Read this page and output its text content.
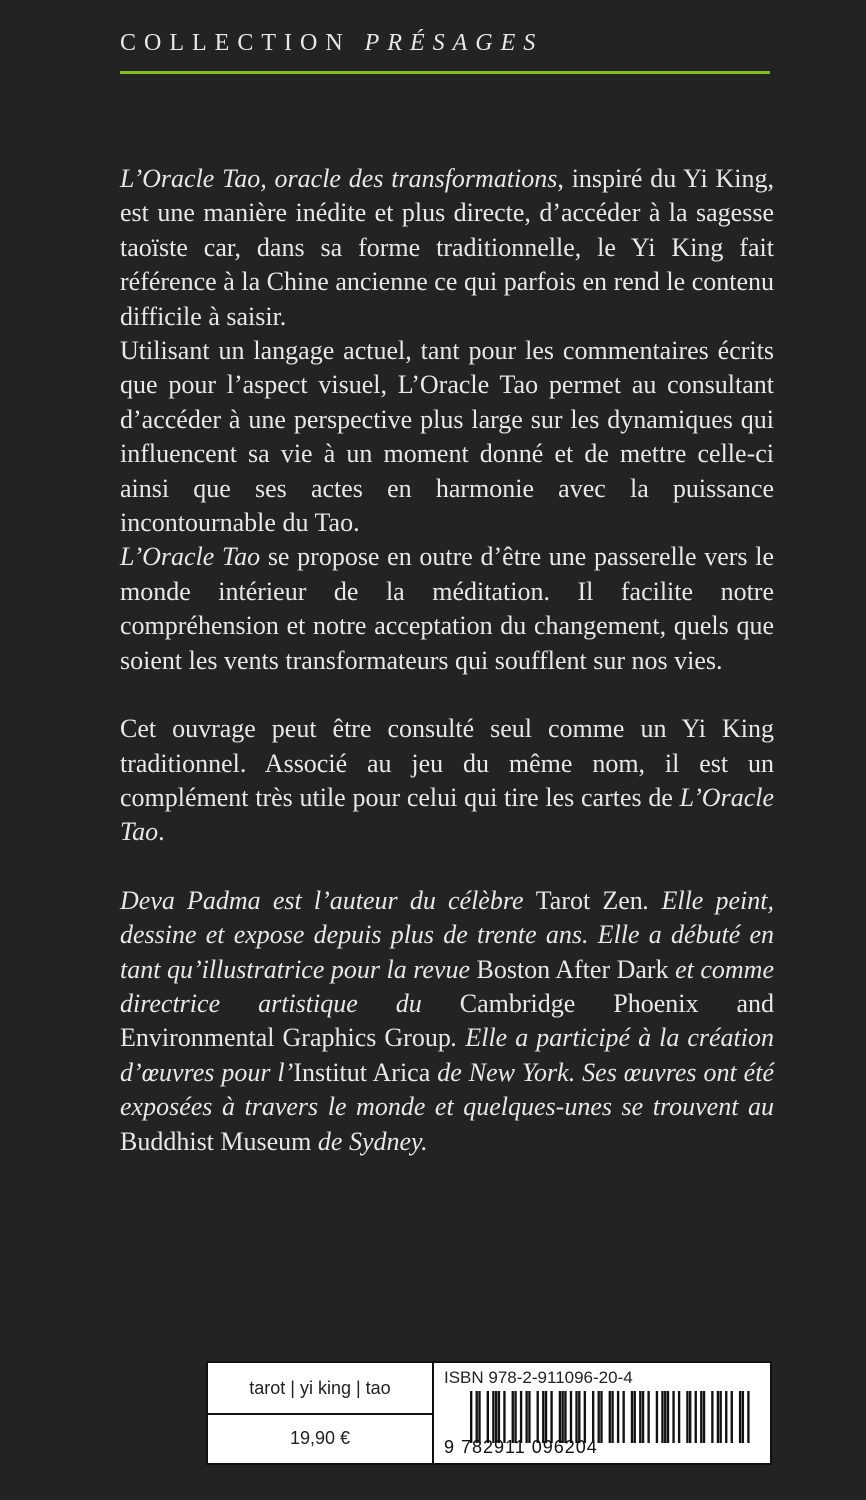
COLLECTION PRÉSAGES

L’Oracle Tao, oracle des transformations, inspiré du Yi King, est une manière inédite et plus directe, d’accéder à la sagesse taoïste car, dans sa forme traditionnelle, le Yi King fait référence à la Chine ancienne ce qui parfois en rend le contenu difficile à saisir.

Utilisant un langage actuel, tant pour les commentaires écrits que pour l’aspect visuel, L’Oracle Tao permet au consultant d’accéder à une perspective plus large sur les dynamiques qui influencent sa vie à un moment donné et de mettre celle-ci ainsi que ses actes en harmonie avec la puissance incontournable du Tao.

L’Oracle Tao se propose en outre d’être une passerelle vers le monde intérieur de la méditation. Il facilite notre compréhension et notre acceptation du changement, quels que soient les vents transformateurs qui soufflent sur nos vies.

Cet ouvrage peut être consulté seul comme un Yi King traditionnel. Associé au jeu du même nom, il est un complément très utile pour celui qui tire les cartes de L’Oracle Tao.

Deva Padma est l’auteur du célèbre Tarot Zen. Elle peint, dessine et expose depuis plus de trente ans. Elle a débuté en tant qu’illustratrice pour la revue Boston After Dark et comme directrice artistique du Cambridge Phoenix and Environmental Graphics Group. Elle a participé à la création d’œuvres pour l’Institut Arica de New York. Ses œuvres ont été exposées à travers le monde et quelques-unes se trouvent au Buddhist Museum de Sydney.

tarot | yi king | tao
19,90 €
ISBN 978-2-911096-20-4
9 782911 096204
